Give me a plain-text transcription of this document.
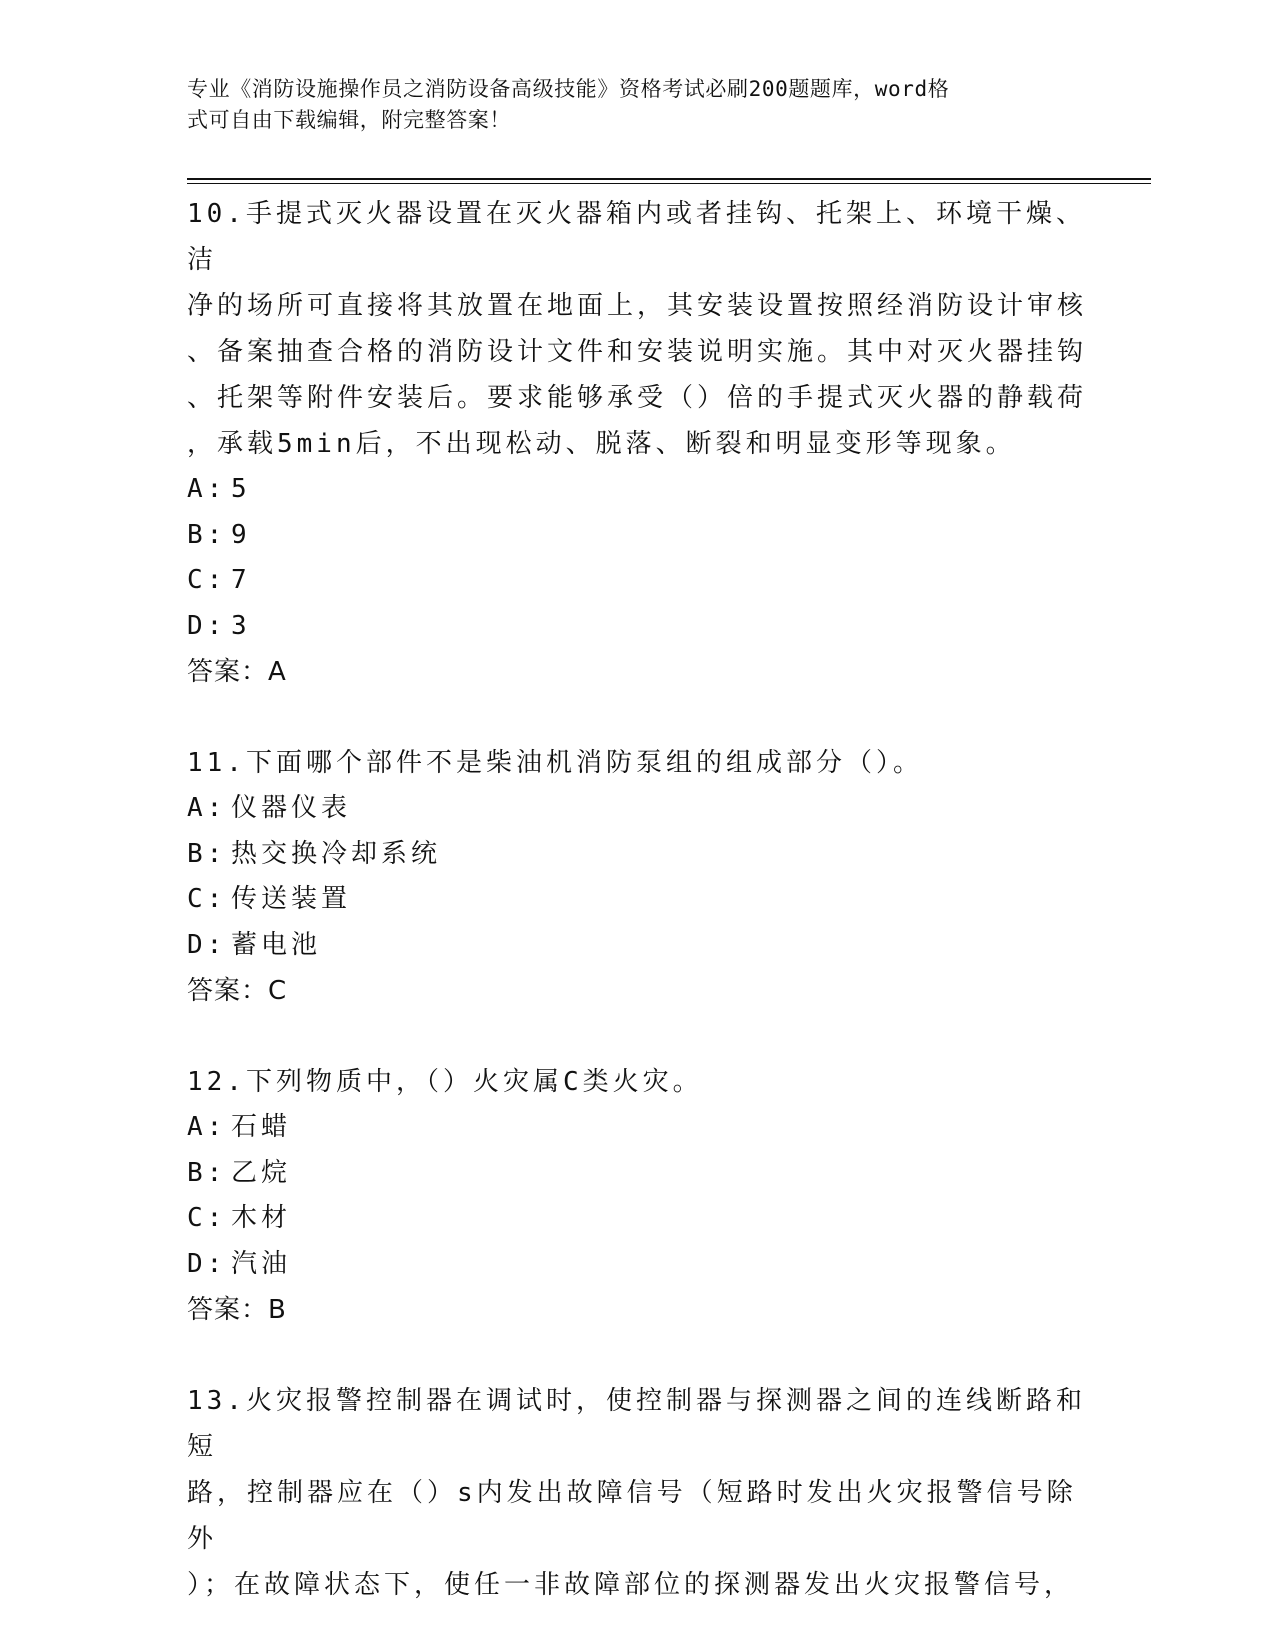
专业《消防设施操作员之消防设备高级技能》资格考试必刷200题题库，word格
式可自由下载编辑，附完整答案！

10.手提式灭火器设置在灭火器箱内或者挂钩、托架上、环境干燥、洁

净的场所可直接将其放置在地面上，其安装设置按照经消防设计审核

、备案抽查合格的消防设计文件和安装说明实施。其中对灭火器挂钩

、托架等附件安装后。要求能够承受（）倍的手提式灭火器的静载荷

，承载5min后，不出现松动、脱落、断裂和明显变形等现象。

A: 5
B: 9
C: 7
D: 3

答案：A

11.下面哪个部件不是柴油机消防泵组的组成部分（）。

A: 仪器仪表
B: 热交换冷却系统
C: 传送装置
D: 蓄电池

答案：C

12.下列物质中，（）火灾属C类火灾。

A: 石蜡
B: 乙烷
C: 木材
D: 汽油

答案：B

13.火灾报警控制器在调试时，使控制器与探测器之间的连线断路和短

路，控制器应在（）s内发出故障信号（短路时发出火灾报警信号除外

）；在故障状态下，使任一非故障部位的探测器发出火灾报警信号，
